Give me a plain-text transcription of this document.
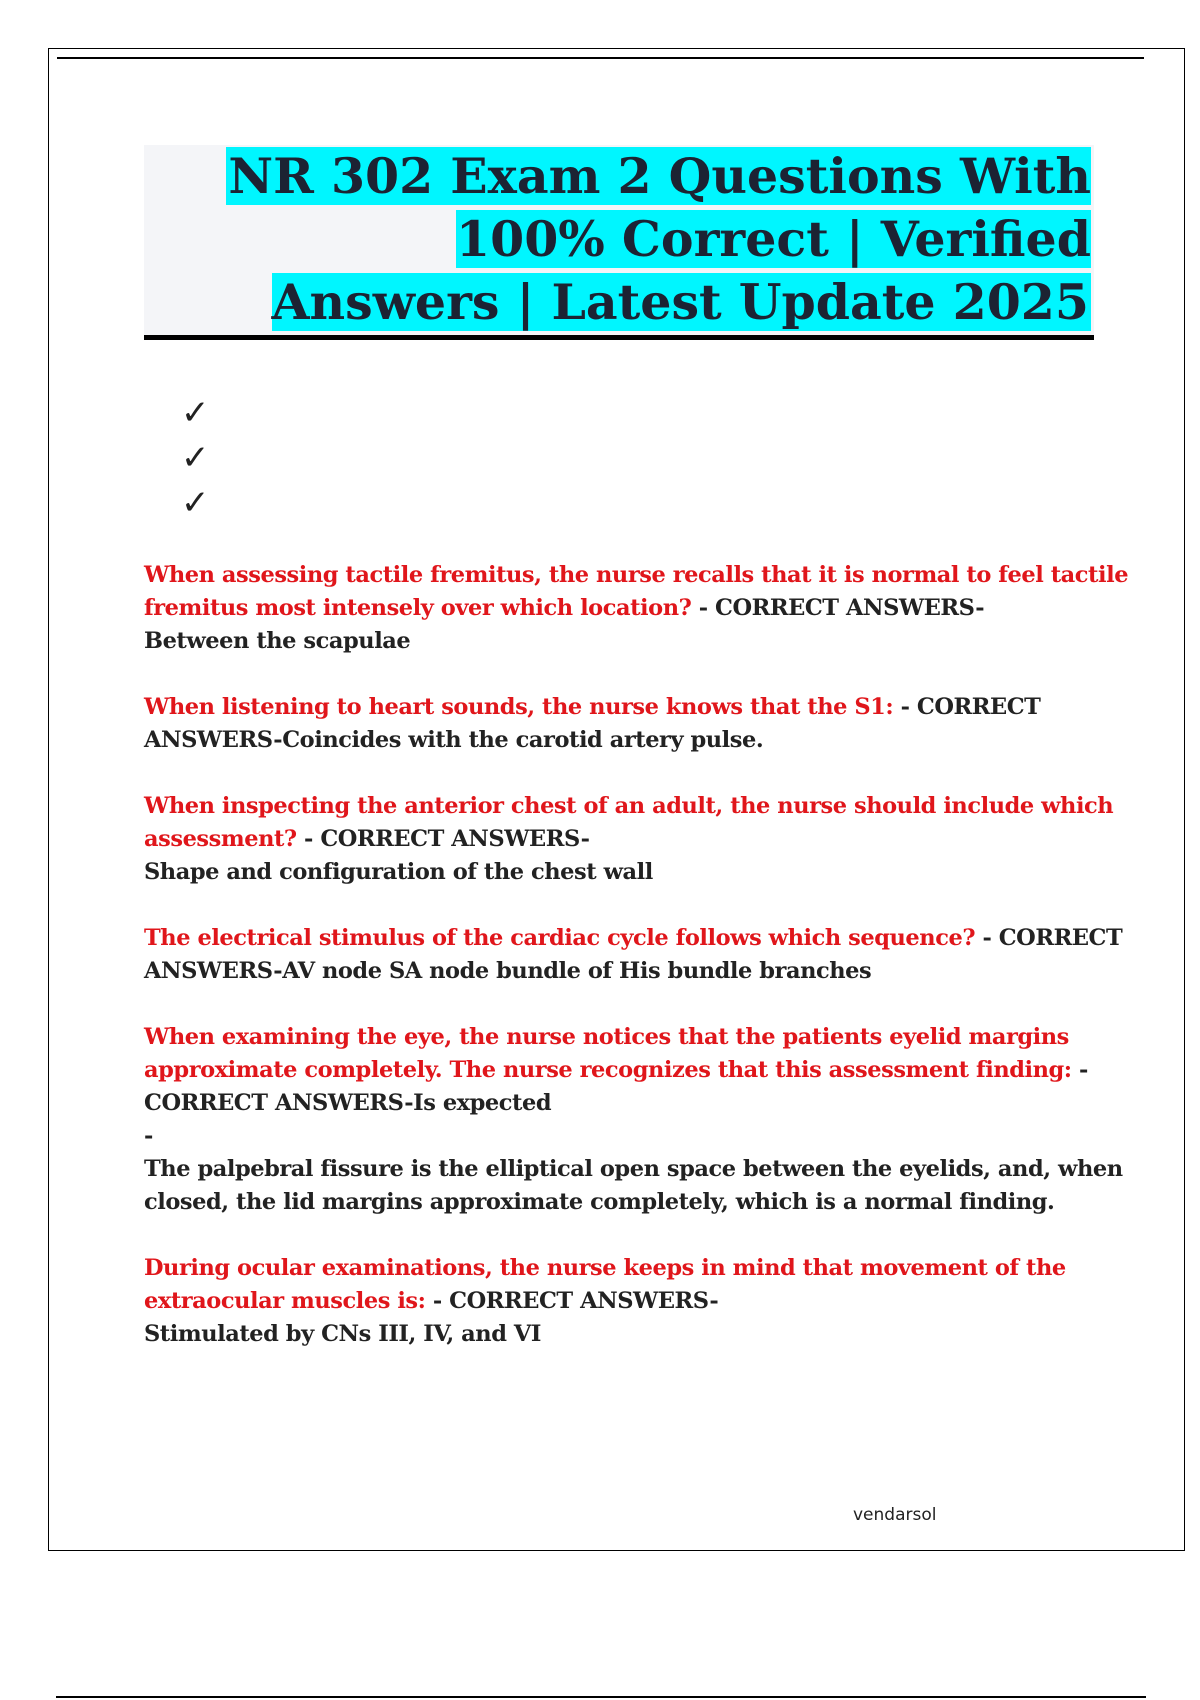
NR 302 Exam 2 Questions With 100% Correct | Verified Answers | Latest Update 2025
✓
✓
✓

When assessing tactile fremitus, the nurse recalls that it is normal to feel tactile fremitus most intensely over which location? - CORRECT ANSWERS-
Between the scapulae

When listening to heart sounds, the nurse knows that the S1: - CORRECT ANSWERS-Coincides with the carotid artery pulse.

When inspecting the anterior chest of an adult, the nurse should include which assessment? - CORRECT ANSWERS-
Shape and configuration of the chest wall

The electrical stimulus of the cardiac cycle follows which sequence? - CORRECT ANSWERS-AV node SA node bundle of His bundle branches

When examining the eye, the nurse notices that the patients eyelid margins approximate completely. The nurse recognizes that this assessment finding: - CORRECT ANSWERS-Is expected
-
The palpebral fissure is the elliptical open space between the eyelids, and, when closed, the lid margins approximate completely, which is a normal finding.

During ocular examinations, the nurse keeps in mind that movement of the extraocular muscles is: - CORRECT ANSWERS-
Stimulated by CNs III, IV, and VI

vendarsol
